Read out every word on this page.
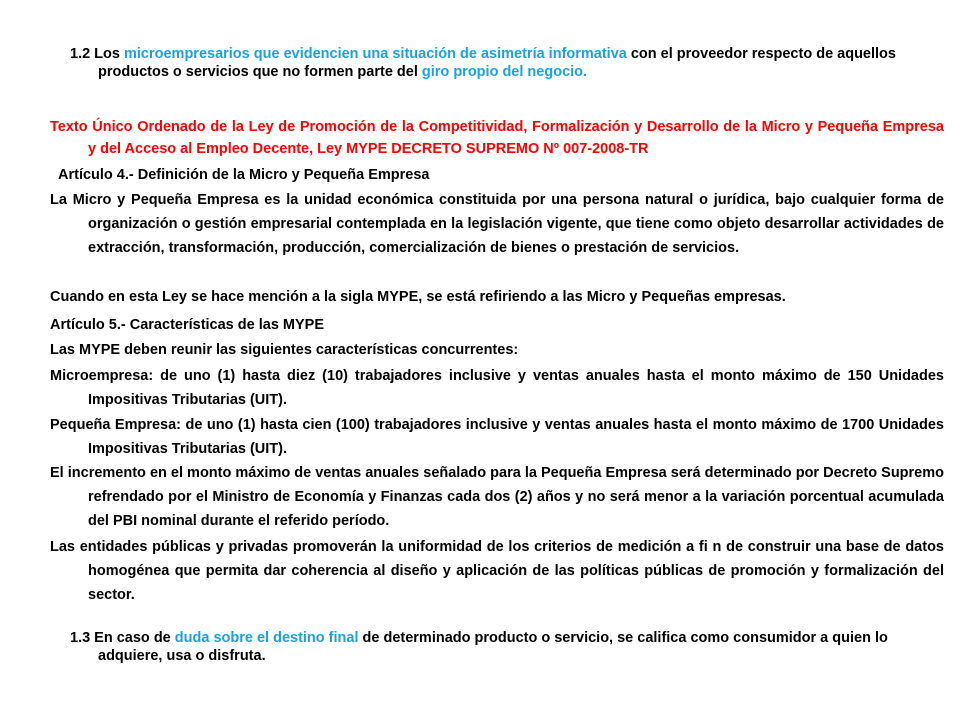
1.2 Los microempresarios que evidencien una situación de asimetría informativa con el proveedor respecto de aquellos productos o servicios que no formen parte del giro propio del negocio.

Texto Único Ordenado de la Ley de Promoción de la Competitividad, Formalización y Desarrollo de la Micro y Pequeña Empresa y del Acceso al Empleo Decente, Ley MYPE DECRETO SUPREMO Nº 007-2008-TR

Artículo 4.- Definición de la Micro y Pequeña Empresa

La Micro y Pequeña Empresa es la unidad económica constituida por una persona natural o jurídica, bajo cualquier forma de organización o gestión empresarial contemplada en la legislación vigente, que tiene como objeto desarrollar actividades de extracción, transformación, producción, comercialización de bienes o prestación de servicios.

Cuando en esta Ley se hace mención a la sigla MYPE, se está refiriendo a las Micro y Pequeñas empresas.

Artículo 5.- Características de las MYPE

Las MYPE deben reunir las siguientes características concurrentes:

Microempresa: de uno (1) hasta diez (10) trabajadores inclusive y ventas anuales hasta el monto máximo de 150 Unidades Impositivas Tributarias (UIT).

Pequeña Empresa: de uno (1) hasta cien (100) trabajadores inclusive y ventas anuales hasta el monto máximo de 1700 Unidades Impositivas Tributarias (UIT).

El incremento en el monto máximo de ventas anuales señalado para la Pequeña Empresa será determinado por Decreto Supremo refrendado por el Ministro de Economía y Finanzas cada dos (2) años y no será menor a la variación porcentual acumulada del PBI nominal durante el referido período.

Las entidades públicas y privadas promoverán la uniformidad de los criterios de medición a fi n de construir una base de datos homogénea que permita dar coherencia al diseño y aplicación de las políticas públicas de promoción y formalización del sector.

1.3 En caso de duda sobre el destino final de determinado producto o servicio, se califica como consumidor a quien lo adquiere, usa o disfruta.
